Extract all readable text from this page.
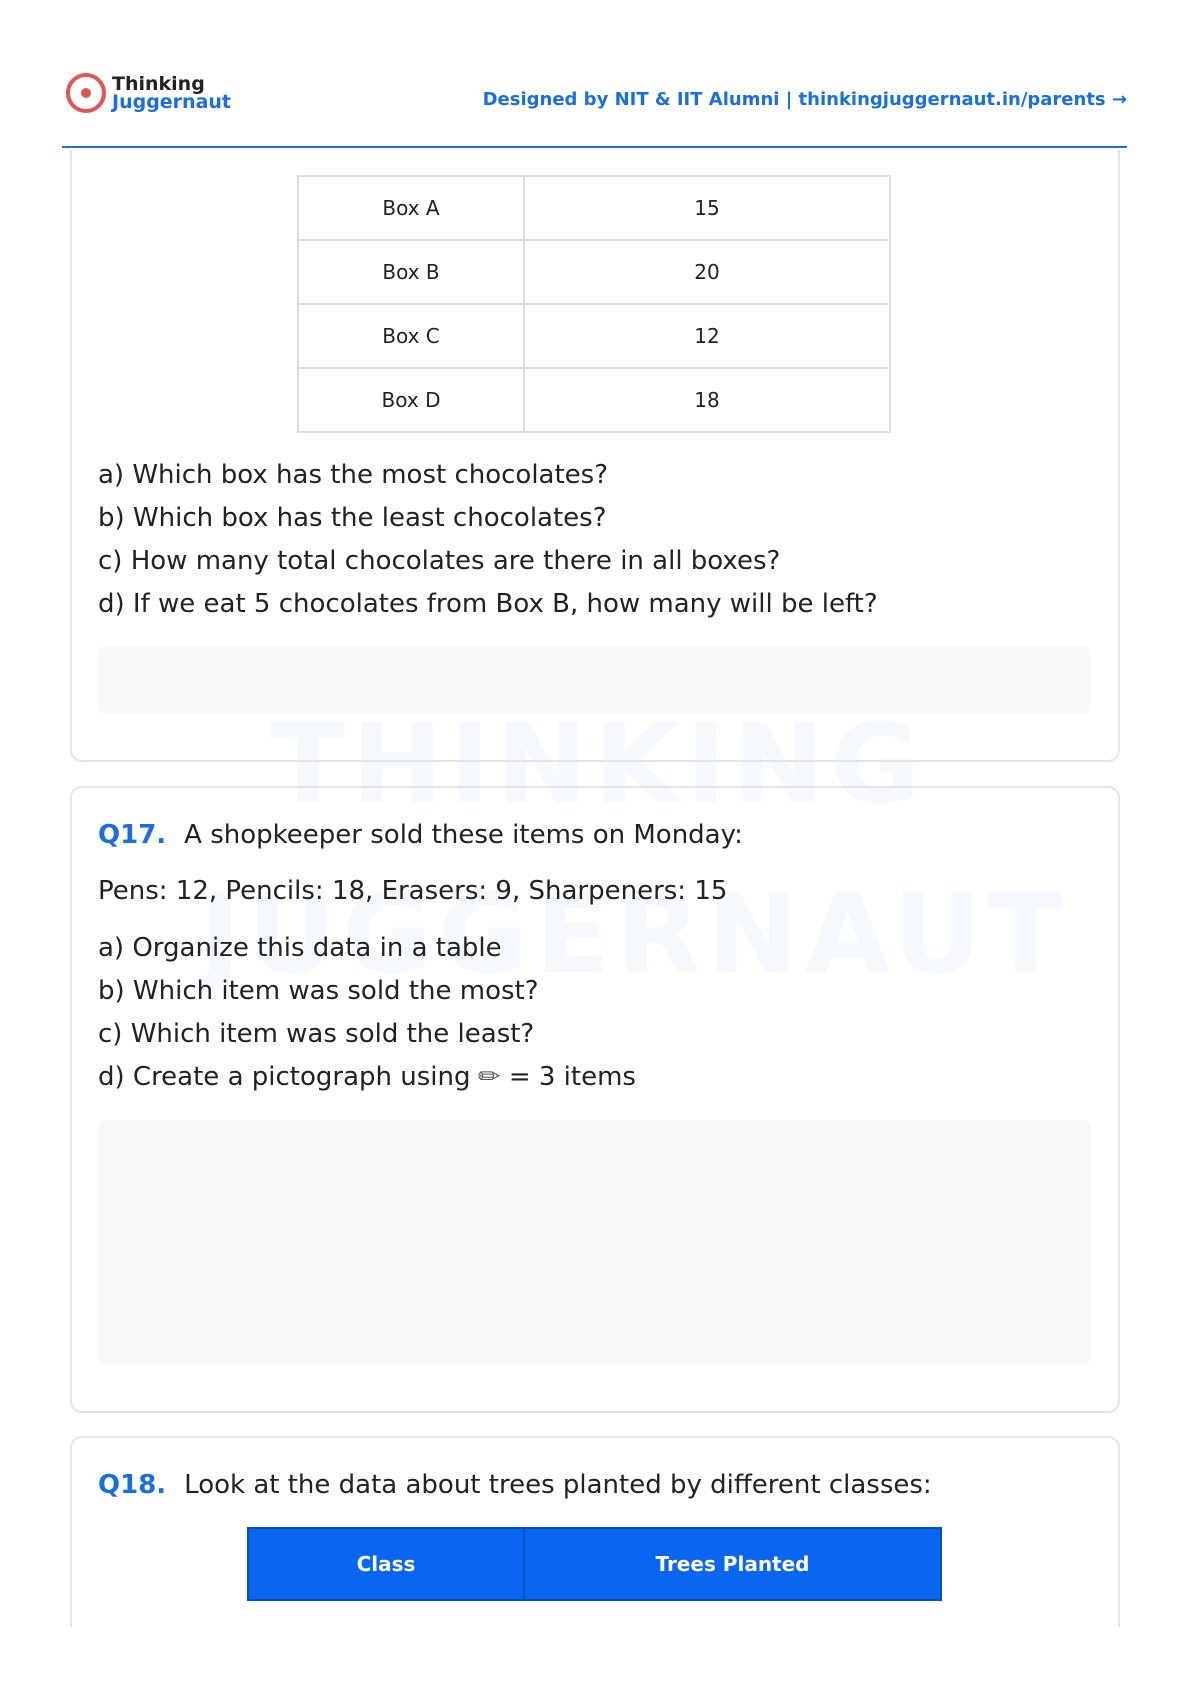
Thinking
Juggernaut	Designed by NIT & IIT Alumni | thinkingjuggernaut.in/parents →
Box A	15
Box B	20
Box C	12
Box D	18
a) Which box has the most chocolates?
b) Which box has the least chocolates?
c) How many total chocolates are there in all boxes?
d) If we eat 5 chocolates from Box B, how many will be left?
Q17. A shopkeeper sold these items on Monday:
Pens: 12, Pencils: 18, Erasers: 9, Sharpeners: 15
a) Organize this data in a table
b) Which item was sold the most?
c) Which item was sold the least?
d) Create a pictograph using ✎ = 3 items
Q18. Look at the data about trees planted by different classes:
Class	Trees Planted
